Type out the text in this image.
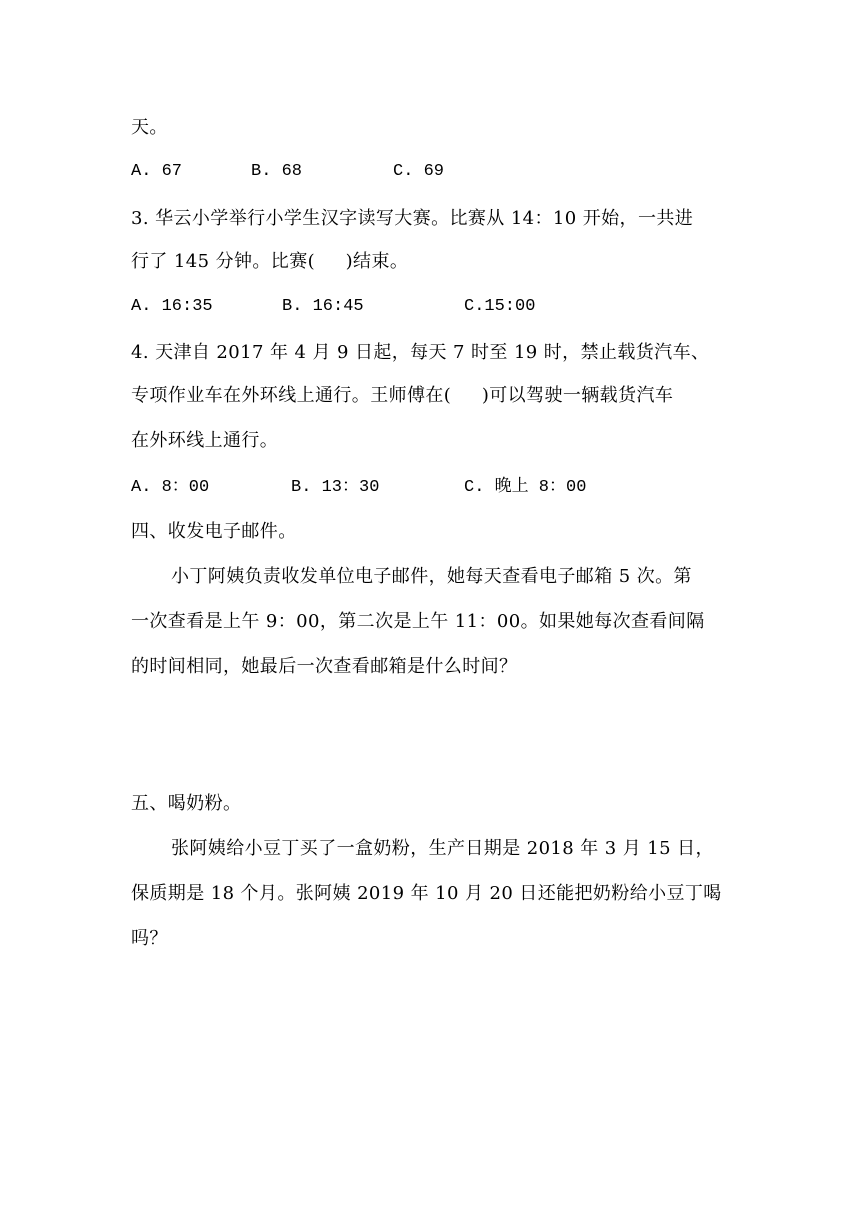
天。
A. 67	B. 68	C. 69
3. 华云小学举行小学生汉字读写大赛。比赛从 14：10 开始，一共进
行了 145 分钟。比赛(     )结束。
A. 16:35	B. 16:45	C.15:00
4. 天津自 2017 年 4 月 9 日起，每天 7 时至 19 时，禁止载货汽车、
专项作业车在外环线上通行。王师傅在(     )可以驾驶一辆载货汽车
在外环线上通行。
A. 8：00	B. 13：30	C. 晚上 8：00
四、收发电子邮件。
小丁阿姨负责收发单位电子邮件，她每天查看电子邮箱 5 次。第
一次查看是上午 9：00，第二次是上午 11：00。如果她每次查看间隔
的时间相同，她最后一次查看邮箱是什么时间？
五、喝奶粉。
张阿姨给小豆丁买了一盒奶粉，生产日期是 2018 年 3 月 15 日，
保质期是 18 个月。张阿姨 2019 年 10 月 20 日还能把奶粉给小豆丁喝
吗？
